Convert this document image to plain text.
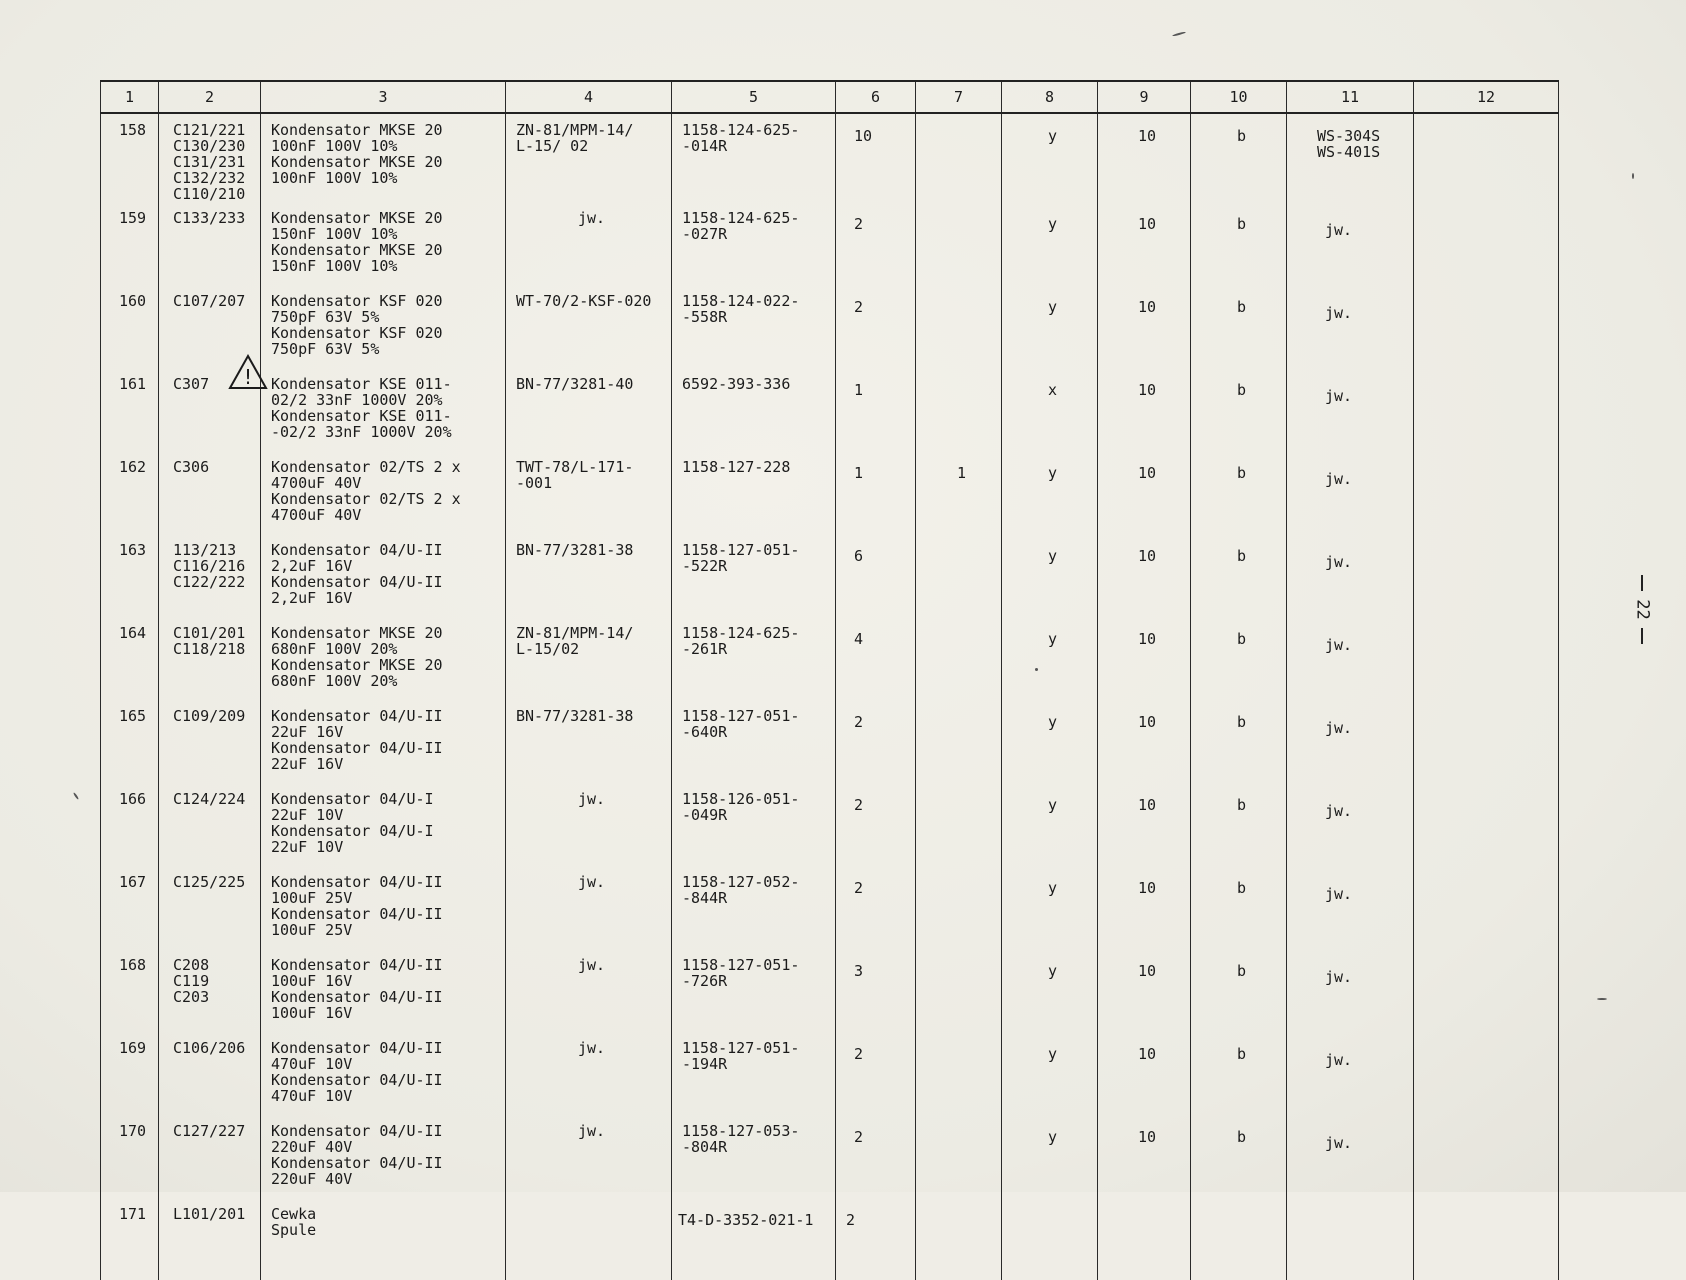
1	2	3	4	5	6	7	8	9	10	11	12
158	C121/221
C130/230
C131/231
C132/232
C110/210	Kondensator MKSE 20
100nF 100V 10%
Kondensator MKSE 20
100nF 100V 10%	ZN-81/MPM-14/
L-15/ 02	1158-124-625-
-014R	10		y	10	b	WS-304S
WS-401S	
159	C133/233	Kondensator MKSE 20
150nF 100V 10%
Kondensator MKSE 20
150nF 100V 10%	jw.	1158-124-625-
-027R	2		y	10	b	jw.	
160	C107/207	Kondensator KSF 020
750pF 63V 5%
Kondensator KSF 020
750pF 63V 5%	WT-70/2-KSF-020	1158-124-022-
-558R	2		y	10	b	jw.	
161	C307	Kondensator KSE 011-
02/2 33nF 1000V 20%
Kondensator KSE 011-
-02/2 33nF 1000V 20%	BN-77/3281-40	6592-393-336	1		x	10	b	jw.	
162	C306	Kondensator 02/TS 2 x
4700uF 40V
Kondensator 02/TS 2 x
4700uF 40V	TWT-78/L-171-
-001	1158-127-228	1	1	y	10	b	jw.	
163	113/213
C116/216
C122/222	Kondensator 04/U-II
2,2uF 16V
Kondensator 04/U-II
2,2uF 16V	BN-77/3281-38	1158-127-051-
-522R	6		y	10	b	jw.	
164	C101/201
C118/218	Kondensator MKSE 20
680nF 100V 20%
Kondensator MKSE 20
680nF 100V 20%	ZN-81/MPM-14/
L-15/02	1158-124-625-
-261R	4		y	10	b	jw.	
165	C109/209	Kondensator 04/U-II
22uF 16V
Kondensator 04/U-II
22uF 16V	BN-77/3281-38	1158-127-051-
-640R	2		y	10	b	jw.	
166	C124/224	Kondensator 04/U-I
22uF 10V
Kondensator 04/U-I
22uF 10V	jw.	1158-126-051-
-049R	2		y	10	b	jw.	
167	C125/225	Kondensator 04/U-II
100uF 25V
Kondensator 04/U-II
100uF 25V	jw.	1158-127-052-
-844R	2		y	10	b	jw.	
168	C208
C119
C203	Kondensator 04/U-II
100uF 16V
Kondensator 04/U-II
100uF 16V	jw.	1158-127-051-
-726R	3		y	10	b	jw.	
169	C106/206	Kondensator 04/U-II
470uF 10V
Kondensator 04/U-II
470uF 10V	jw.	1158-127-051-
-194R	2		y	10	b	jw.	
170	C127/227	Kondensator 04/U-II
220uF 40V
Kondensator 04/U-II
220uF 40V	jw.	1158-127-053-
-804R	2		y	10	b	jw.	
171	L101/201	Cewka
Spule		T4-D-3352-021-1	2						
!
22
